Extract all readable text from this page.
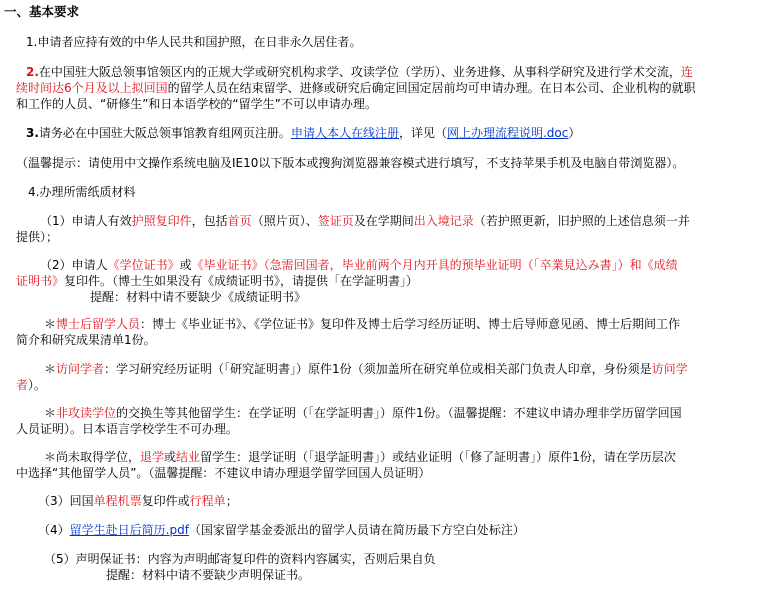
一、基本要求
1.申请者应持有效的中华人民共和国护照，在日非永久居住者。
2.在中国驻大阪总领事馆领区内的正规大学或研究机构求学、攻读学位（学历）、业务进修、从事科学研究及进行学术交流，连
续时间达6个月及以上拟回国的留学人员在结束留学、进修或研究后确定回国定居前均可申请办理。在日本公司、企业机构的就职
和工作的人员、“研修生”和日本语学校的“留学生”不可以申请办理。
3.请务必在中国驻大阪总领事馆教育组网页注册。申请人本人在线注册，详见（网上办理流程说明.doc）
（温馨提示：请使用中文操作系统电脑及IE10以下版本或搜狗浏览器兼容模式进行填写，不支持苹果手机及电脑自带浏览器）。
4.办理所需纸质材料
（1）申请人有效护照复印件，包括首页（照片页）、签证页及在学期间出入境记录（若护照更新，旧护照的上述信息须一并
提供）；
（2）申请人《学位证书》或《毕业证书》（急需回国者，毕业前两个月内开具的预毕业证明（「卒業見込み書」）和《成绩
证明书》复印件。（博士生如果没有《成绩证明书》，请提供「在学証明書」）
提醒：材料中请不要缺少《成绩证明书》
＊博士后留学人员：博士《毕业证书》、《学位证书》复印件及博士后学习经历证明、博士后导师意见函、博士后期间工作
简介和研究成果清单1份。
＊访问学者：学习研究经历证明（「研究証明書」）原件1份（须加盖所在研究单位或相关部门负责人印章，身份须是访问学
者）。
＊非攻读学位的交换生等其他留学生：在学证明（「在学証明書」）原件1份。（温馨提醒：不建议申请办理非学历留学回国
人员证明）。日本语言学校学生不可办理。
＊尚未取得学位，退学或结业留学生：退学证明（「退学証明書」）或结业证明（「修了証明書」）原件1份，请在学历层次
中选择“其他留学人员”。（温馨提醒：不建议申请办理退学留学回国人员证明）
（3）回国单程机票复印件或行程单；
（4）留学生赴日后简历.pdf（国家留学基金委派出的留学人员请在简历最下方空白处标注）
（5）声明保证书：内容为声明邮寄复印件的资料内容属实，否则后果自负
提醒：材料中请不要缺少声明保证书。
